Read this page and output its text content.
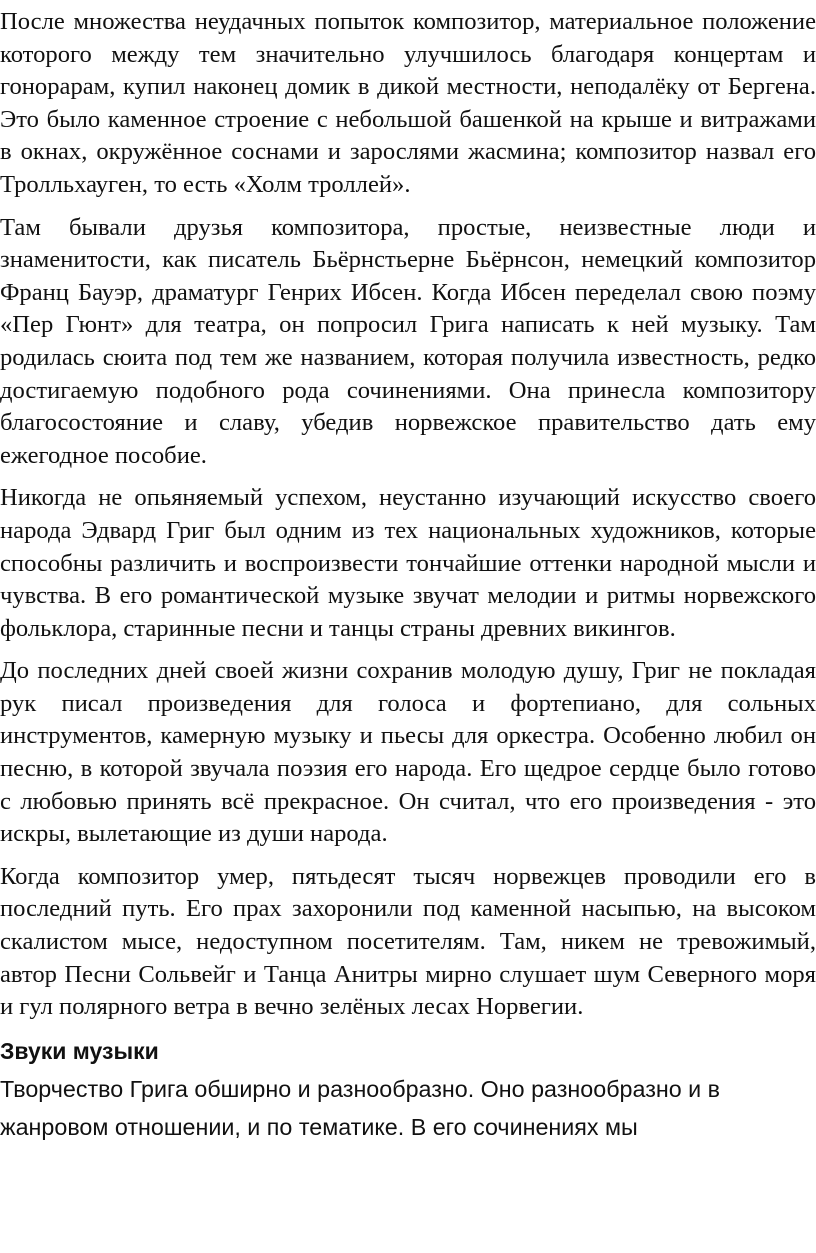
После множества неудачных попыток композитор, материальное положение которого между тем значительно улучшилось благодаря концертам и гонорарам, купил наконец домик в дикой местности, неподалёку от Бергена. Это было каменное строение с небольшой башенкой на крыше и витражами в окнах, окружённое соснами и зарослями жасмина; композитор назвал его Тролльхауген, то есть «Холм троллей».

Там бывали друзья композитора, простые, неизвестные люди и знаменитости, как писатель Бьёрнстьерне Бьёрнсон, немецкий композитор Франц Бауэр, драматург Генрих Ибсен. Когда Ибсен переделал свою поэму «Пер Гюнт» для театра, он попросил Грига написать к ней музыку. Там родилась сюита под тем же названием, которая получила известность, редко достигаемую подобного рода сочинениями. Она принесла композитору благосостояние и славу, убедив норвежское правительство дать ему ежегодное пособие.

Никогда не опьяняемый успехом, неустанно изучающий искусство своего народа Эдвард Григ был одним из тех национальных художников, которые способны различить и воспроизвести тончайшие оттенки народной мысли и чувства. В его романтической музыке звучат мелодии и ритмы норвежского фольклора, старинные песни и танцы страны древних викингов.

До последних дней своей жизни сохранив молодую душу, Григ не покладая рук писал произведения для голоса и фортепиано, для сольных инструментов, камерную музыку и пьесы для оркестра. Особенно любил он песню, в которой звучала поэзия его народа. Его щедрое сердце было готово с любовью принять всё прекрасное. Он считал, что его произведения - это искры, вылетающие из души народа.

Когда композитор умер, пятьдесят тысяч норвежцев проводили его в последний путь. Его прах захоронили под каменной насыпью, на высоком скалистом мысе, недоступном посетителям. Там, никем не тревожимый, автор Песни Сольвейг и Танца Анитры мирно слушает шум Северного моря и гул полярного ветра в вечно зелёных лесах Норвегии.

Звуки музыки

Творчество Грига обширно и разнообразно. Оно разнообразно и в жанровом отношении, и по тематике. В его сочинениях мы
